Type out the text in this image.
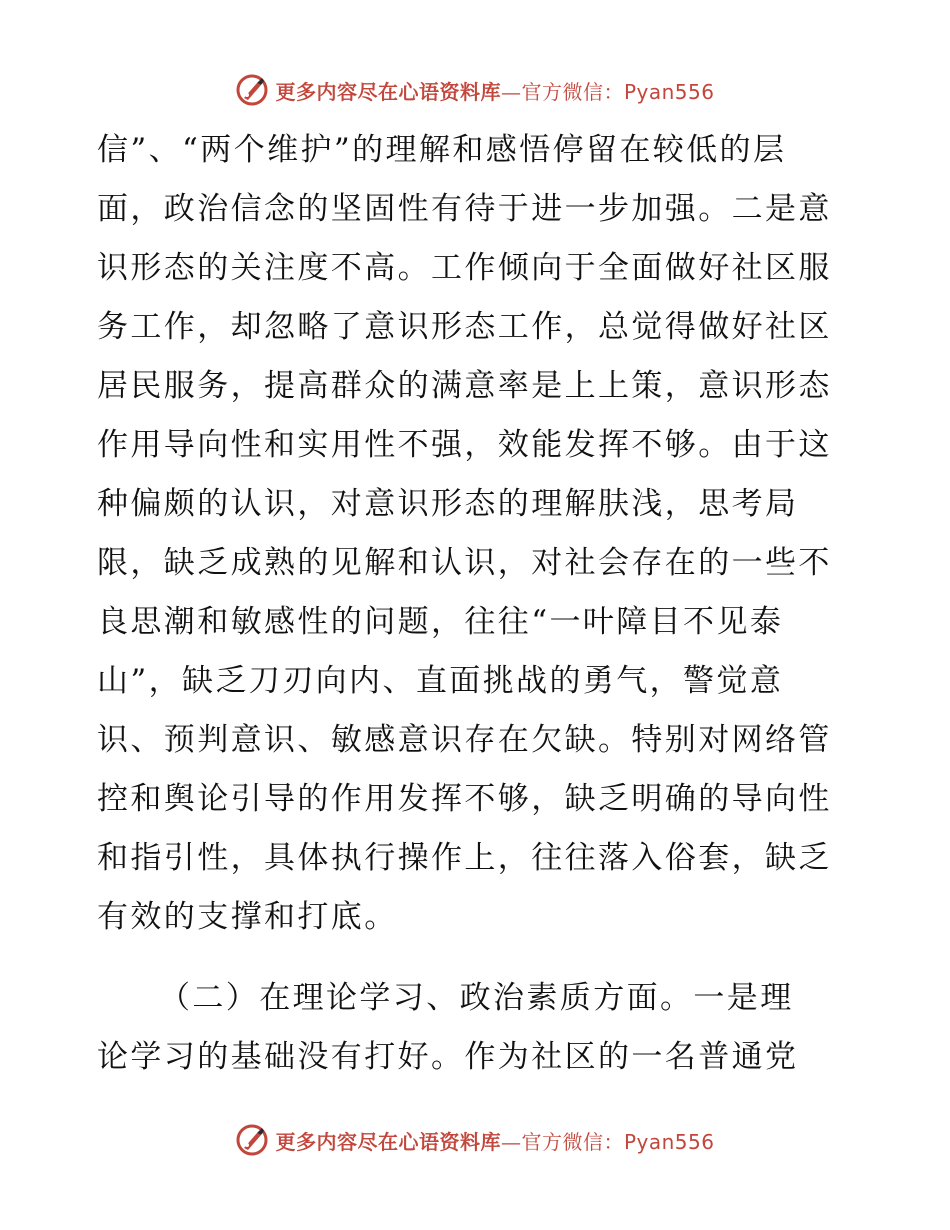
更多内容尽在心语资料库—官方微信：Pyan556
信”、“两个维护”的理解和感悟停留在较低的层
面，政治信念的坚固性有待于进一步加强。二是意
识形态的关注度不高。工作倾向于全面做好社区服
务工作，却忽略了意识形态工作，总觉得做好社区
居民服务，提高群众的满意率是上上策，意识形态
作用导向性和实用性不强，效能发挥不够。由于这
种偏颇的认识，对意识形态的理解肤浅，思考局
限，缺乏成熟的见解和认识，对社会存在的一些不
良思潮和敏感性的问题，往往“一叶障目不见泰
山”，缺乏刀刃向内、直面挑战的勇气，警觉意
识、预判意识、敏感意识存在欠缺。特别对网络管
控和舆论引导的作用发挥不够，缺乏明确的导向性
和指引性，具体执行操作上，往往落入俗套，缺乏
有效的支撑和打底。
（二）在理论学习、政治素质方面。一是理
论学习的基础没有打好。作为社区的一名普通党
更多内容尽在心语资料库—官方微信：Pyan556
